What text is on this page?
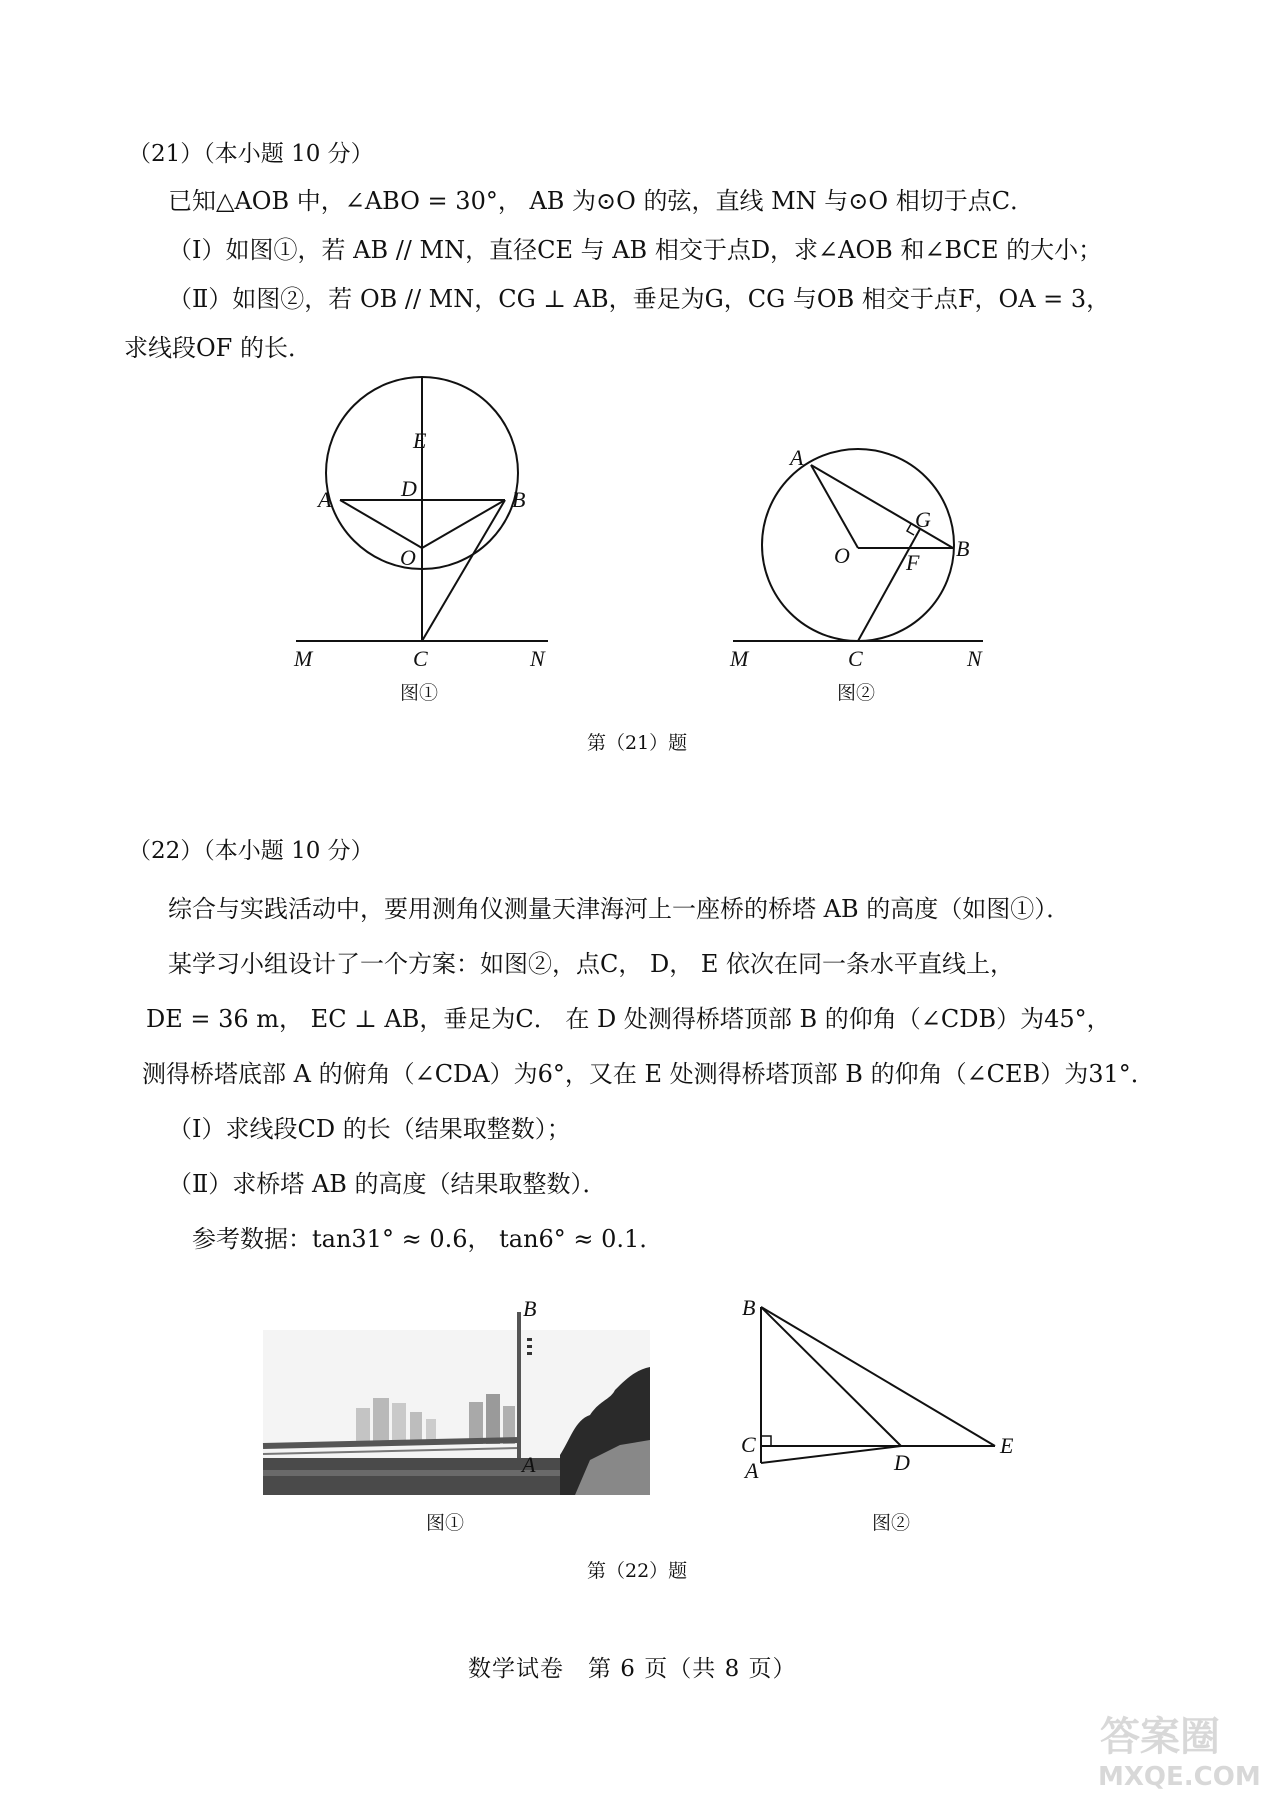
（21）（本小题 10 分）
已知△AOB 中，∠ABO = 30°， AB 为⊙O 的弦，直线 MN 与⊙O 相切于点C．
（Ⅰ）如图①，若 AB // MN，直径CE 与 AB 相交于点D，求∠AOB 和∠BCE 的大小；
（Ⅱ）如图②，若 OB // MN，CG ⊥ AB，垂足为G，CG 与OB 相交于点F，OA = 3，
求线段OF 的长．
E
D
A	B
O
M	C	N
图①
A
G
O	F
B
M	C	N
图②
第（21）题
（22）（本小题 10 分）
综合与实践活动中，要用测角仪测量天津海河上一座桥的桥塔 AB 的高度（如图①）．
某学习小组设计了一个方案：如图②，点C， D， E 依次在同一条水平直线上，
DE = 36 m， EC ⊥ AB，垂足为C． 在 D 处测得桥塔顶部 B 的仰角（∠CDB）为45°，
测得桥塔底部 A 的俯角（∠CDA）为6°，又在 E 处测得桥塔顶部 B 的仰角（∠CEB）为31°．
（Ⅰ）求线段CD 的长（结果取整数）；
（Ⅱ）求桥塔 AB 的高度（结果取整数）．
参考数据：tan31° ≈ 0.6， tan6° ≈ 0.1．
B
A
图①
B
C
A	D
E
图②
第（22）题
数学试卷　第 6 页（共 8 页）
答案圈
MXQE.COM
